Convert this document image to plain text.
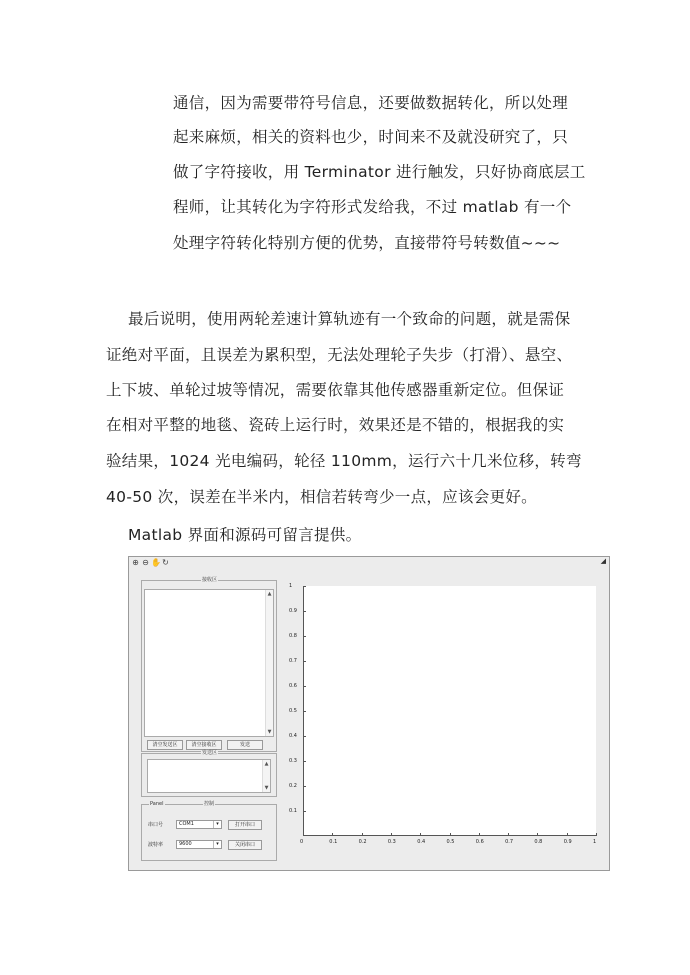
通信，因为需要带符号信息，还要做数据转化，所以处理
起来麻烦，相关的资料也少，时间来不及就没研究了，只
做了字符接收，用 Terminator 进行触发，只好协商底层工
程师，让其转化为字符形式发给我，不过 matlab 有一个
处理字符转化特别方便的优势，直接带符号转数值~~~
最后说明，使用两轮差速计算轨迹有一个致命的问题，就是需保
证绝对平面，且误差为累积型，无法处理轮子失步（打滑）、悬空、
上下坡、单轮过坡等情况，需要依靠其他传感器重新定位。但保证
在相对平整的地毯、瓷砖上运行时，效果还是不错的，根据我的实
验结果，1024 光电编码，轮径 110mm，运行六十几米位移，转弯
40-50 次，误差在半米内，相信若转弯少一点，应该会更好。
Matlab 界面和源码可留言提供。
⊕ ⊖ ✋ ↻	◢
▲
▼
清空发送区	清空接收区	发送
接收区
▲
▼
发送区
串口号	COM1	▾	打开串口
波特率	9600	▾	关闭串口
Panel	控制
0.1
0.2
0.3
0.4
0.5
0.6
0.7
0.8
0.9
1
0	0.1	0.2	0.3	0.4	0.5	0.6	0.7	0.8	0.9	1
